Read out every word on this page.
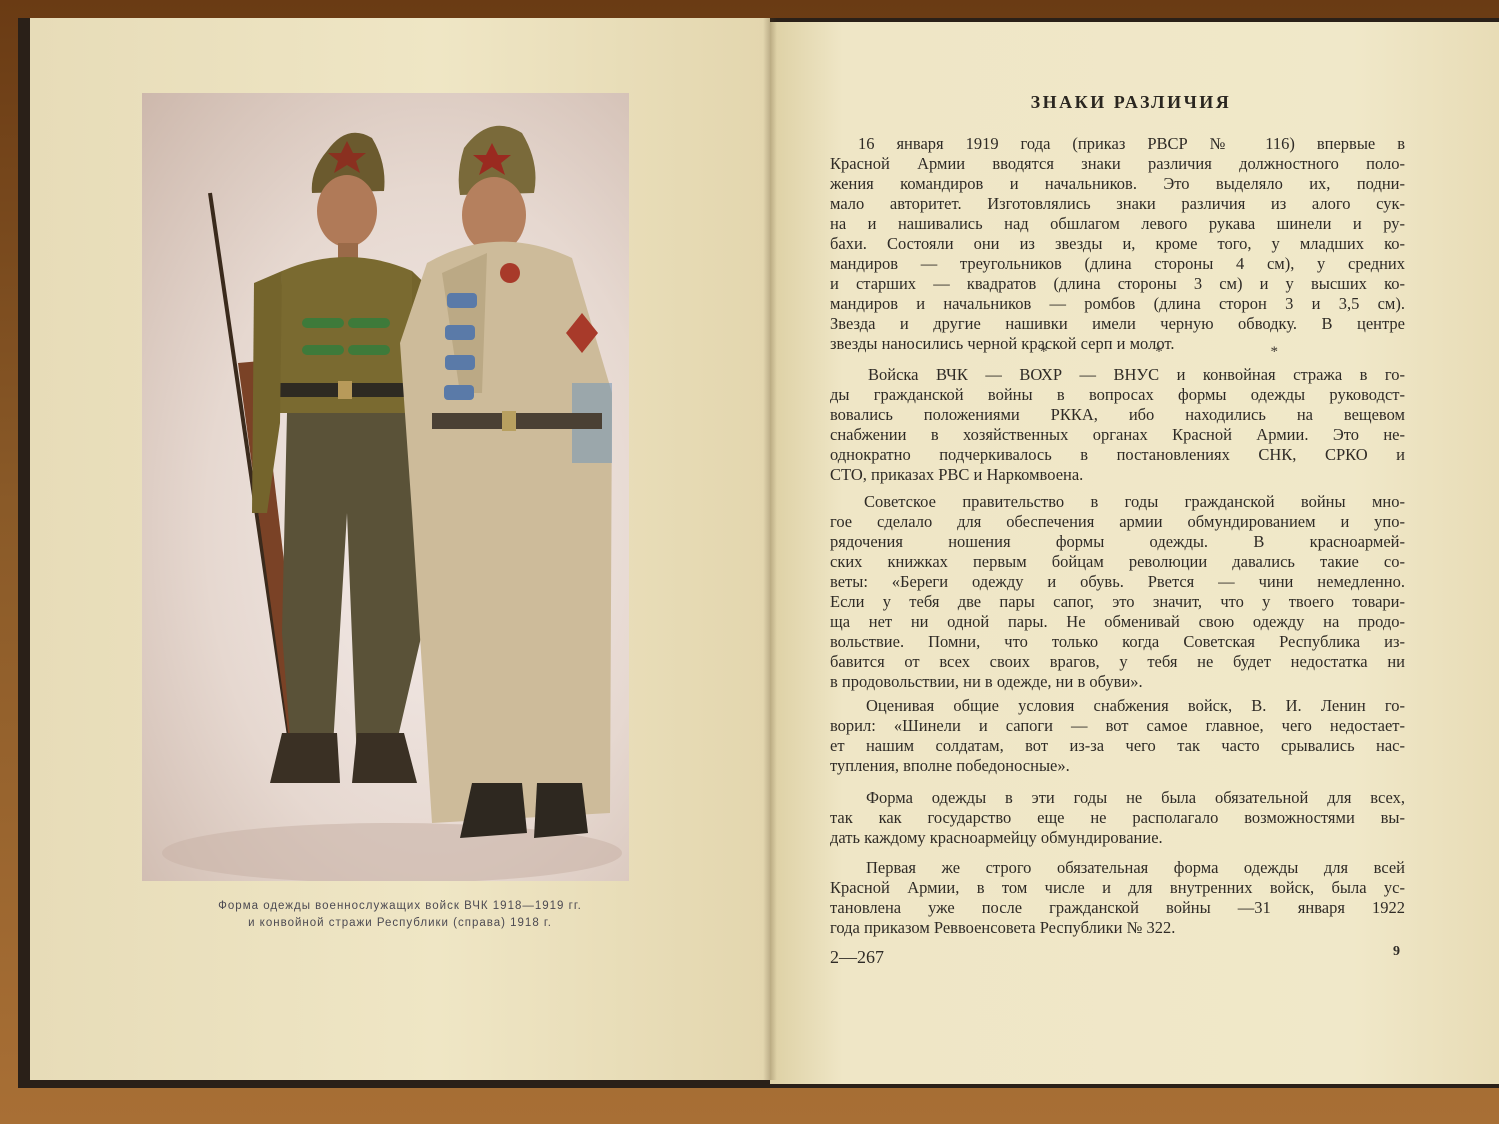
Форма одежды военнослужащих войск ВЧК 1918—1919 гг.
и конвойной стражи Республики (справа) 1918 г.
ЗНАКИ РАЗЛИЧИЯ
16 января 1919 года (приказ РВСР № 116) впервые в
Красной Армии вводятся знаки различия должностного поло-
жения командиров и начальников. Это выделяло их, подни-
мало авторитет. Изготовлялись знаки различия из алого сук-
на и нашивались над обшлагом левого рукава шинели и ру-
бахи. Состояли они из звезды и, кроме того, у младших ко-
мандиров — треугольников (длина стороны 4 см), у средних
и старших — квадратов (длина стороны 3 см) и у высших ко-
мандиров и начальников — ромбов (длина сторон 3 и 3,5 см).
Звезда и другие нашивки имели черную обводку. В центре
звезды наносились черной краской серп и молот.
* * *
Войска ВЧК — ВОХР — ВНУС и конвойная стража в го-
ды гражданской войны в вопросах формы одежды руководст-
вовались положениями РККА, ибо находились на вещевом
снабжении в хозяйственных органах Красной Армии. Это не-
однократно подчеркивалось в постановлениях СНК, СРКО и
СТО, приказах РВС и Наркомвоена.
Советское правительство в годы гражданской войны мно-
гое сделало для обеспечения армии обмундированием и упо-
рядочения ношения формы одежды. В красноармей-
ских книжках первым бойцам революции давались такие со-
веты: «Береги одежду и обувь. Рвется — чини немедленно.
Если у тебя две пары сапог, это значит, что у твоего товари-
ща нет ни одной пары. Не обменивай свою одежду на продо-
вольствие. Помни, что только когда Советская Республика из-
бавится от всех своих врагов, у тебя не будет недостатка ни
в продовольствии, ни в одежде, ни в обуви».
Оценивая общие условия снабжения войск, В. И. Ленин го-
ворил: «Шинели и сапоги — вот самое главное, чего недостает-
ет нашим солдатам, вот из-за чего так часто срывались нас-
тупления, вполне победоносные».
Форма одежды в эти годы не была обязательной для всех,
так как государство еще не располагало возможностями вы-
дать каждому красноармейцу обмундирование.
Первая же строго обязательная форма одежды для всей
Красной Армии, в том числе и для внутренних войск, была ус-
тановлена уже после гражданской войны —31 января 1922
года приказом Реввоенсовета Республики № 322.
2—267	9
